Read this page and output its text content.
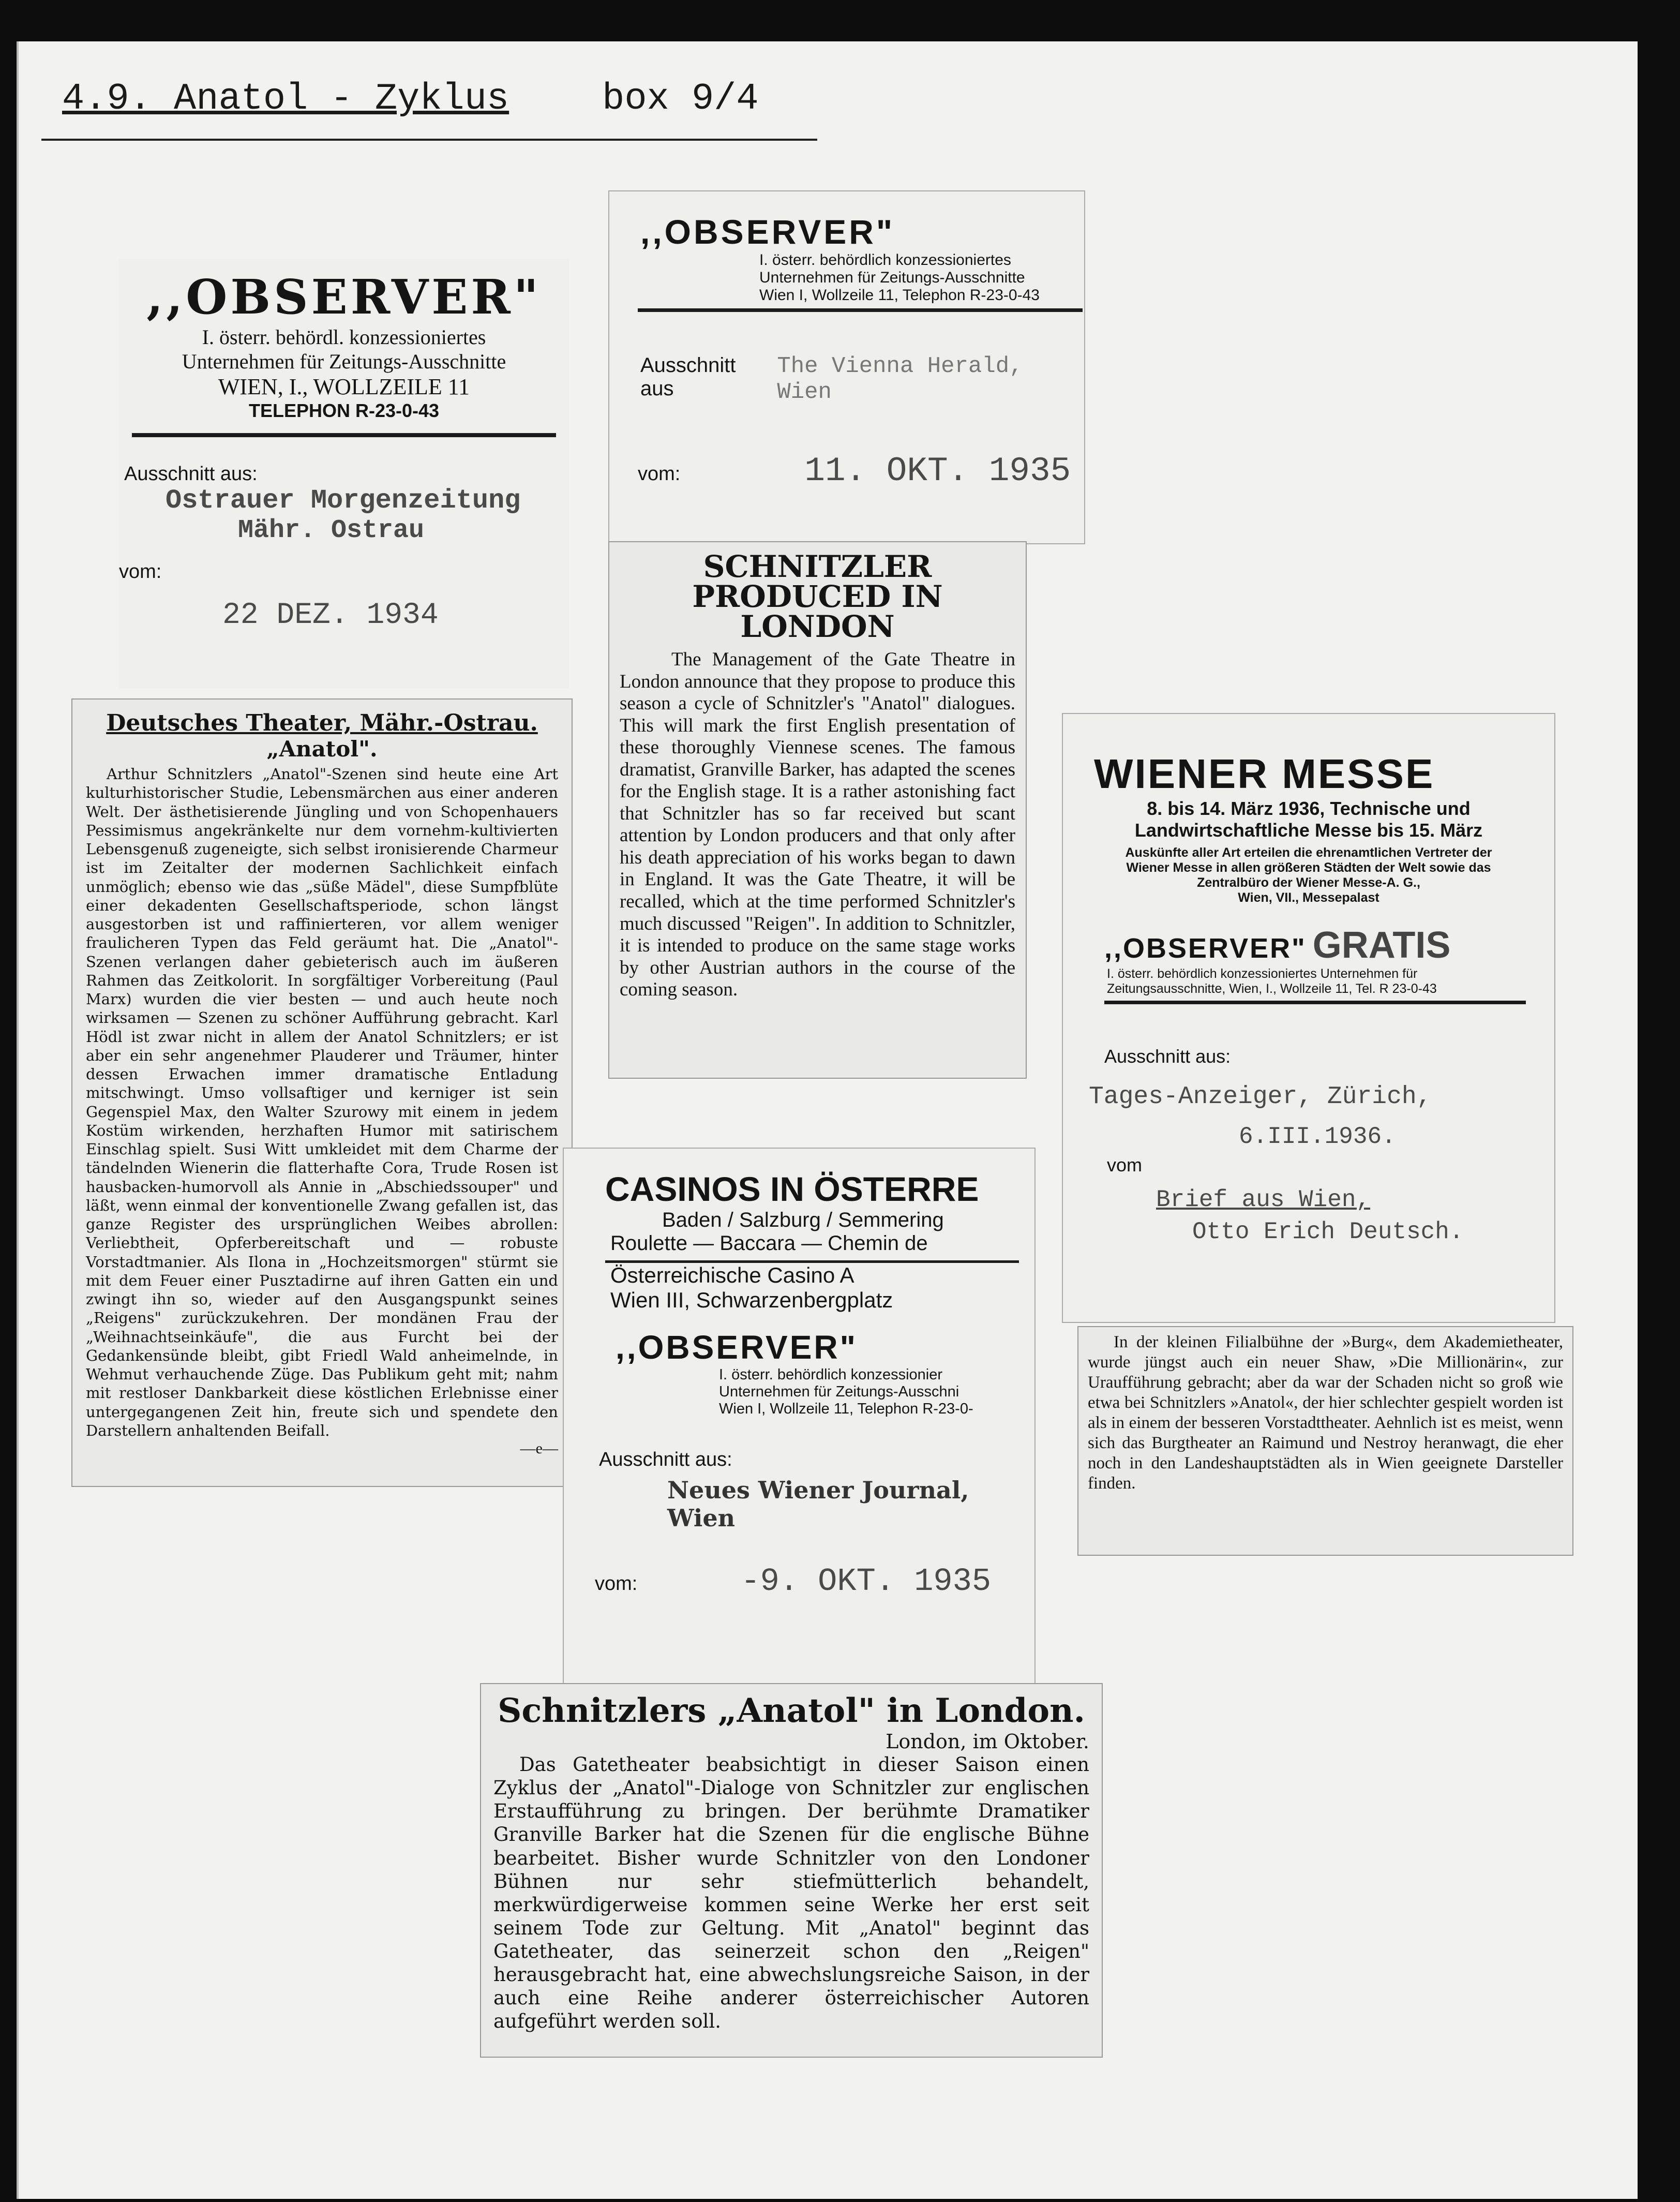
4.9. Anatol - Zyklus	box 9/4
,,OBSERVER"
I. österr. behördl. konzessioniertes
Unternehmen für Zeitungs-Ausschnitte
WIEN, I., WOLLZEILE 11
TELEPHON R-23-0-43
Ausschnitt aus:
Ostrauer Morgenzeitung
Mähr. Ostrau
vom:
22 DEZ. 1934
Deutsches Theater, Mähr.-Ostrau.
„Anatol".

Arthur Schnitzlers „Anatol"-Szenen sind heute eine Art kulturhistorischer Studie, Lebensmärchen aus einer anderen Welt. Der ästhetisierende Jüngling und von Schopenhauers Pessimismus angekränkelte nur dem vornehm-kultivierten Lebensgenuß zugeneigte, sich selbst ironisierende Charmeur ist im Zeitalter der modernen Sachlichkeit einfach unmöglich; ebenso wie das „süße Mädel", diese Sumpfblüte einer dekadenten Gesellschaftsperiode, schon längst ausgestorben ist und raffinierteren, vor allem weniger fraulicheren Typen das Feld geräumt hat. Die „Anatol"-Szenen verlangen daher gebieterisch auch im äußeren Rahmen das Zeitkolorit. In sorgfältiger Vorbereitung (Paul Marx) wurden die vier besten — und auch heute noch wirksamen — Szenen zu schöner Aufführung gebracht. Karl Hödl ist zwar nicht in allem der Anatol Schnitzlers; er ist aber ein sehr angenehmer Plauderer und Träumer, hinter dessen Erwachen immer dramatische Entladung mitschwingt. Umso vollsaftiger und kerniger ist sein Gegenspiel Max, den Walter Szurowy mit einem in jedem Kostüm wirkenden, herzhaften Humor mit satirischem Einschlag spielt. Susi Witt umkleidet mit dem Charme der tändelnden Wienerin die flatterhafte Cora, Trude Rosen ist hausbacken-humorvoll als Annie in „Abschiedssouper" und läßt, wenn einmal der konventionelle Zwang gefallen ist, das ganze Register des ursprünglichen Weibes abrollen: Verliebtheit, Opferbereitschaft und — robuste Vorstadtmanier. Als Ilona in „Hochzeitsmorgen" stürmt sie mit dem Feuer einer Pusztadirne auf ihren Gatten ein und zwingt ihn so, wieder auf den Ausgangspunkt seines „Reigens" zurückzukehren. Der mondänen Frau der „Weihnachtseinkäufe", die aus Furcht bei der Gedankensünde bleibt, gibt Friedl Wald anheimelnde, in Wehmut verhauchende Züge. Das Publikum geht mit; nahm mit restloser Dankbarkeit diese köstlichen Erlebnisse einer untergegangenen Zeit hin, freute sich und spendete den Darstellern anhaltenden Beifall.

—e—
,,OBSERVER"
I. österr. behördlich konzessioniertes
Unternehmen für Zeitungs-Ausschnitte
Wien I, Wollzeile 11, Telephon R-23-0-43
Ausschnitt aus
The Vienna Herald, Wien
vom:	11. OKT. 1935
SCHNITZLER PRODUCED IN LONDON

The Management of the Gate Theatre in London announce that they propose to produce this season a cycle of Schnitzler's "Anatol" dialogues. This will mark the first English presentation of these thoroughly Viennese scenes. The famous dramatist, Granville Barker, has adapted the scenes for the English stage. It is a rather astonishing fact that Schnitzler has so far received but scant attention by London producers and that only after his death appreciation of his works began to dawn in England. It was the Gate Theatre, it will be recalled, which at the time performed Schnitzler's much discussed "Reigen". In addition to Schnitzler, it is intended to produce on the same stage works by other Austrian authors in the course of the coming season.

WIENER MESSE
8. bis 14. März 1936, Technische und
Landwirtschaftliche Messe bis 15. März
Auskünfte aller Art erteilen die ehrenamtlichen Vertreter der Wiener Messe in allen größeren Städten der Welt sowie das Zentralbüro der Wiener Messe-A. G.,
Wien, VII., Messepalast
,,OBSERVER" GRATIS
I. österr. behördlich konzessioniertes Unternehmen für
Zeitungsausschnitte, Wien, I., Wollzeile 11, Tel. R 23-0-43
Ausschnitt aus:
Tages-Anzeiger, Zürich,
6.III.1936.
vom
Brief aus Wien,
Otto Erich Deutsch.

In der kleinen Filialbühne der »Burg«, dem Akademietheater, wurde jüngst auch ein neuer Shaw, »Die Millionärin«, zur Uraufführung gebracht; aber da war der Schaden nicht so groß wie etwa bei Schnitzlers »Anatol«, der hier schlechter gespielt worden ist als in einem der besseren Vorstadttheater. Aehnlich ist es meist, wenn sich das Burgtheater an Raimund und Nestroy heranwagt, die eher noch in den Landeshauptstädten als in Wien geeignete Darsteller finden.

CASINOS IN ÖSTERRE
Baden / Salzburg / Semmering
Roulette — Baccara — Chemin de
Österreichische Casino A
Wien III, Schwarzenbergplatz
,,OBSERVER"
I. österr. behördlich konzessionier
Unternehmen für Zeitungs-Ausschni
Wien I, Wollzeile 11, Telephon R-23-0-
Ausschnitt aus:
Neues Wiener Journal, Wien
vom:	-9. OKT. 1935
Schnitzlers „Anatol" in London.
London, im Oktober.

Das Gatetheater beabsichtigt in dieser Saison einen Zyklus der „Anatol"-Dialoge von Schnitzler zur englischen Erstaufführung zu bringen. Der berühmte Dramatiker Granville Barker hat die Szenen für die englische Bühne bearbeitet. Bisher wurde Schnitzler von den Londoner Bühnen nur sehr stiefmütterlich behandelt, merkwürdigerweise kommen seine Werke her erst seit seinem Tode zur Geltung. Mit „Anatol" beginnt das Gatetheater, das seinerzeit schon den „Reigen" herausgebracht hat, eine abwechslungsreiche Saison, in der auch eine Reihe anderer österreichischer Autoren aufgeführt werden soll.
